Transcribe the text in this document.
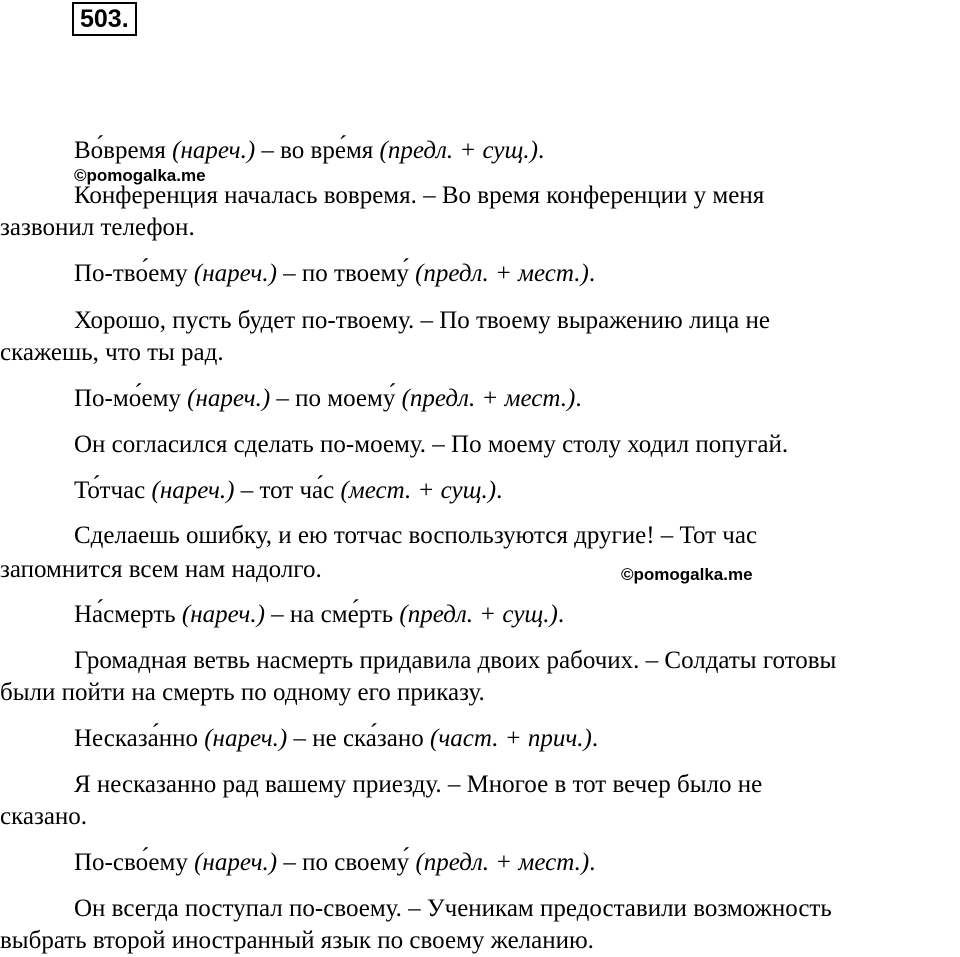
503.
Во́время (нареч.) – во вре́мя (предл. + сущ.).
©pomogalka.me
Конференция началась вовремя. – Во время конференции у меня
зазвонил телефон.
По-тво́ему (нареч.) – по твоему́ (предл. + мест.).
Хорошо, пусть будет по-твоему. – По твоему выражению лица не
скажешь, что ты рад.
По-мо́ему (нареч.) – по моему́ (предл. + мест.).
Он согласился сделать по-моему. – По моему столу ходил попугай.
То́тчас (нареч.) – тот ча́с (мест. + сущ.).
Сделаешь ошибку, и ею тотчас воспользуются другие! – Тот час
запомнится всем нам надолго.	©pomogalka.me
На́смерть (нареч.) – на сме́рть (предл. + сущ.).
Громадная ветвь насмерть придавила двоих рабочих. – Солдаты готовы
были пойти на смерть по одному его приказу.
Несказа́нно (нареч.) – не ска́зано (част. + прич.).
Я несказанно рад вашему приезду. – Многое в тот вечер было не
сказано.
По-сво́ему (нареч.) – по своему́ (предл. + мест.).
Он всегда поступал по-своему. – Ученикам предоставили возможность
выбрать второй иностранный язык по своему желанию.
